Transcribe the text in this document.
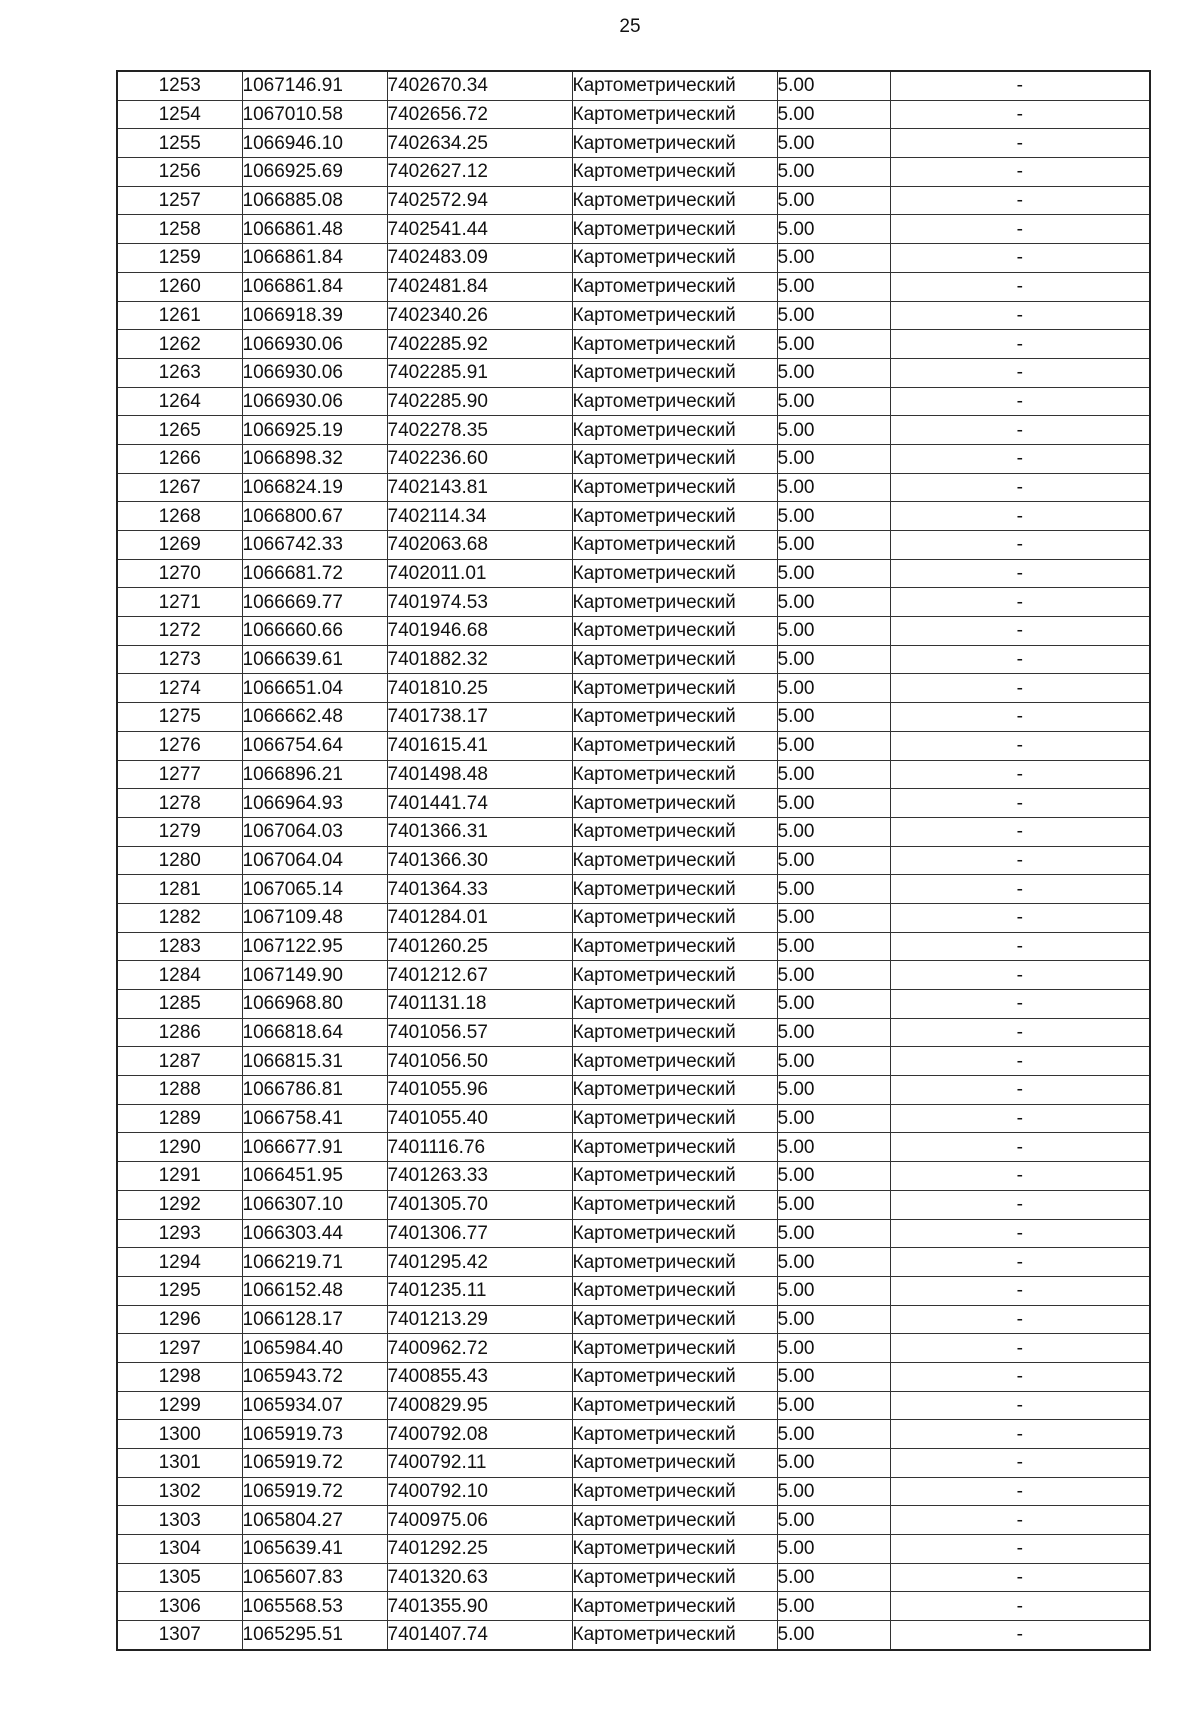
25
1253	1067146.91	7402670.34	Картометрический	5.00	-
1254	1067010.58	7402656.72	Картометрический	5.00	-
1255	1066946.10	7402634.25	Картометрический	5.00	-
1256	1066925.69	7402627.12	Картометрический	5.00	-
1257	1066885.08	7402572.94	Картометрический	5.00	-
1258	1066861.48	7402541.44	Картометрический	5.00	-
1259	1066861.84	7402483.09	Картометрический	5.00	-
1260	1066861.84	7402481.84	Картометрический	5.00	-
1261	1066918.39	7402340.26	Картометрический	5.00	-
1262	1066930.06	7402285.92	Картометрический	5.00	-
1263	1066930.06	7402285.91	Картометрический	5.00	-
1264	1066930.06	7402285.90	Картометрический	5.00	-
1265	1066925.19	7402278.35	Картометрический	5.00	-
1266	1066898.32	7402236.60	Картометрический	5.00	-
1267	1066824.19	7402143.81	Картометрический	5.00	-
1268	1066800.67	7402114.34	Картометрический	5.00	-
1269	1066742.33	7402063.68	Картометрический	5.00	-
1270	1066681.72	7402011.01	Картометрический	5.00	-
1271	1066669.77	7401974.53	Картометрический	5.00	-
1272	1066660.66	7401946.68	Картометрический	5.00	-
1273	1066639.61	7401882.32	Картометрический	5.00	-
1274	1066651.04	7401810.25	Картометрический	5.00	-
1275	1066662.48	7401738.17	Картометрический	5.00	-
1276	1066754.64	7401615.41	Картометрический	5.00	-
1277	1066896.21	7401498.48	Картометрический	5.00	-
1278	1066964.93	7401441.74	Картометрический	5.00	-
1279	1067064.03	7401366.31	Картометрический	5.00	-
1280	1067064.04	7401366.30	Картометрический	5.00	-
1281	1067065.14	7401364.33	Картометрический	5.00	-
1282	1067109.48	7401284.01	Картометрический	5.00	-
1283	1067122.95	7401260.25	Картометрический	5.00	-
1284	1067149.90	7401212.67	Картометрический	5.00	-
1285	1066968.80	7401131.18	Картометрический	5.00	-
1286	1066818.64	7401056.57	Картометрический	5.00	-
1287	1066815.31	7401056.50	Картометрический	5.00	-
1288	1066786.81	7401055.96	Картометрический	5.00	-
1289	1066758.41	7401055.40	Картометрический	5.00	-
1290	1066677.91	7401116.76	Картометрический	5.00	-
1291	1066451.95	7401263.33	Картометрический	5.00	-
1292	1066307.10	7401305.70	Картометрический	5.00	-
1293	1066303.44	7401306.77	Картометрический	5.00	-
1294	1066219.71	7401295.42	Картометрический	5.00	-
1295	1066152.48	7401235.11	Картометрический	5.00	-
1296	1066128.17	7401213.29	Картометрический	5.00	-
1297	1065984.40	7400962.72	Картометрический	5.00	-
1298	1065943.72	7400855.43	Картометрический	5.00	-
1299	1065934.07	7400829.95	Картометрический	5.00	-
1300	1065919.73	7400792.08	Картометрический	5.00	-
1301	1065919.72	7400792.11	Картометрический	5.00	-
1302	1065919.72	7400792.10	Картометрический	5.00	-
1303	1065804.27	7400975.06	Картометрический	5.00	-
1304	1065639.41	7401292.25	Картометрический	5.00	-
1305	1065607.83	7401320.63	Картометрический	5.00	-
1306	1065568.53	7401355.90	Картометрический	5.00	-
1307	1065295.51	7401407.74	Картометрический	5.00	-
